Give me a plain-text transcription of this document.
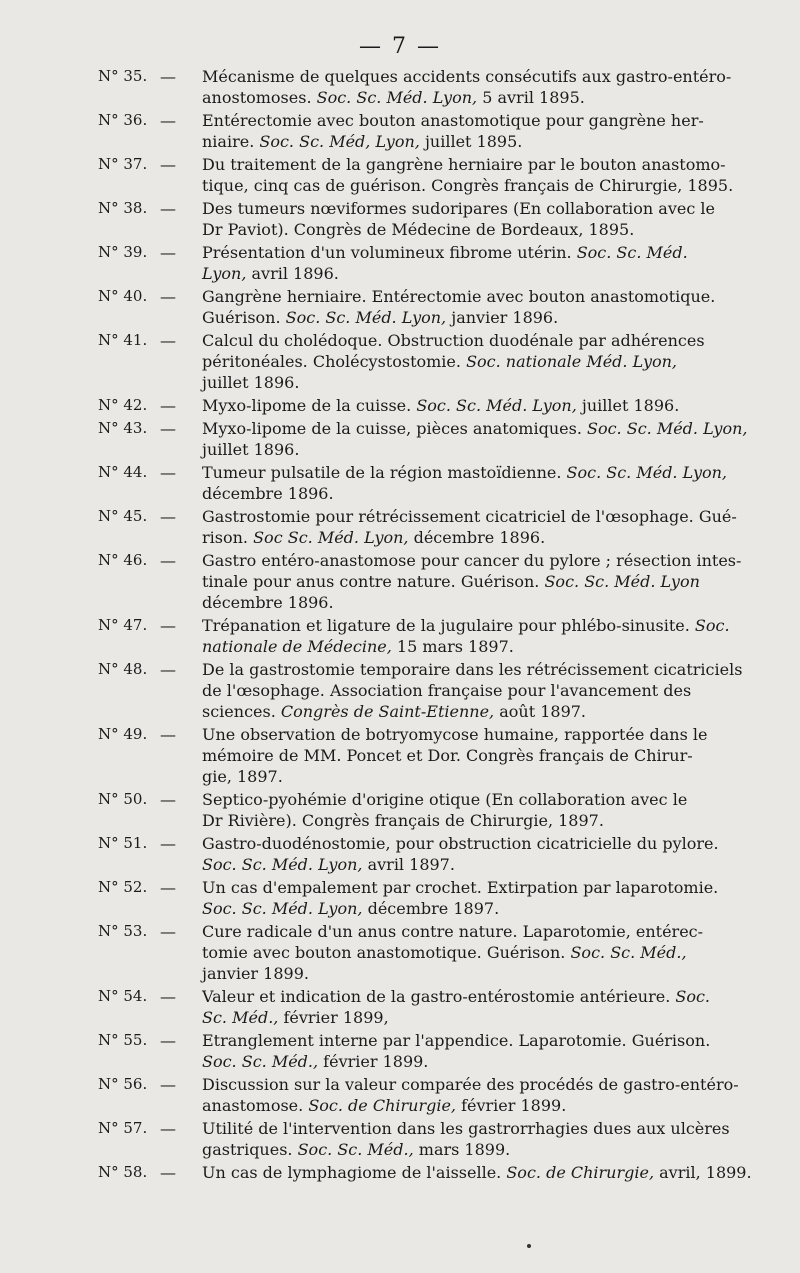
— 7 —
N° 35. — Mécanisme de quelques accidents consécutifs aux gastro-entéro-
anostomoses. Soc. Sc. Méd. Lyon, 5 avril 1895.
N° 36. — Entérectomie avec bouton anastomotique pour gangrène her-
niaire. Soc. Sc. Méd, Lyon, juillet 1895.
N° 37. — Du traitement de la gangrène herniaire par le bouton anastomo-
tique, cinq cas de guérison. Congrès français de Chirurgie, 1895.
N° 38. — Des tumeurs nœviformes sudoripares (En collaboration avec le
Dr Paviot). Congrès de Médecine de Bordeaux, 1895.
N° 39. — Présentation d'un volumineux fibrome utérin. Soc. Sc. Méd.
Lyon, avril 1896.
N° 40. — Gangrène herniaire. Entérectomie avec bouton anastomotique.
Guérison. Soc. Sc. Méd. Lyon, janvier 1896.
N° 41. — Calcul du cholédoque. Obstruction duodénale par adhérences
péritonéales. Cholécystostomie. Soc. nationale Méd. Lyon,
juillet 1896.
N° 42. — Myxo-lipome de la cuisse. Soc. Sc. Méd. Lyon, juillet 1896.
N° 43. — Myxo-lipome de la cuisse, pièces anatomiques. Soc. Sc. Méd. Lyon,
juillet 1896.
N° 44. — Tumeur pulsatile de la région mastoïdienne. Soc. Sc. Méd. Lyon,
décembre 1896.
N° 45. — Gastrostomie pour rétrécissement cicatriciel de l'œsophage. Gué-
rison. Soc Sc. Méd. Lyon, décembre 1896.
N° 46. — Gastro entéro-anastomose pour cancer du pylore ; résection intes-
tinale pour anus contre nature. Guérison. Soc. Sc. Méd. Lyon
décembre 1896.
N° 47. — Trépanation et ligature de la jugulaire pour phlébo-sinusite. Soc.
nationale de Médecine, 15 mars 1897.
N° 48. — De la gastrostomie temporaire dans les rétrécissement cicatriciels
de l'œsophage. Association française pour l'avancement des
sciences. Congrès de Saint-Etienne, août 1897.
N° 49. — Une observation de botryomycose humaine, rapportée dans le
mémoire de MM. Poncet et Dor. Congrès français de Chirur-
gie, 1897.
N° 50. — Septico-pyohémie d'origine otique (En collaboration avec le
Dr Rivière). Congrès français de Chirurgie, 1897.
N° 51. — Gastro-duodénostomie, pour obstruction cicatricielle du pylore.
Soc. Sc. Méd. Lyon, avril 1897.
N° 52. — Un cas d'empalement par crochet. Extirpation par laparotomie.
Soc. Sc. Méd. Lyon, décembre 1897.
N° 53. — Cure radicale d'un anus contre nature. Laparotomie, entérec-
tomie avec bouton anastomotique. Guérison. Soc. Sc. Méd.,
janvier 1899.
N° 54. — Valeur et indication de la gastro-entérostomie antérieure. Soc.
Sc. Méd., février 1899,
N° 55. — Etranglement interne par l'appendice. Laparotomie. Guérison.
Soc. Sc. Méd., février 1899.
N° 56. — Discussion sur la valeur comparée des procédés de gastro-entéro-
anastomose. Soc. de Chirurgie, février 1899.
N° 57. — Utilité de l'intervention dans les gastrorrhagies dues aux ulcères
gastriques. Soc. Sc. Méd., mars 1899.
N° 58. — Un cas de lymphagiome de l'aisselle. Soc. de Chirurgie, avril, 1899.
